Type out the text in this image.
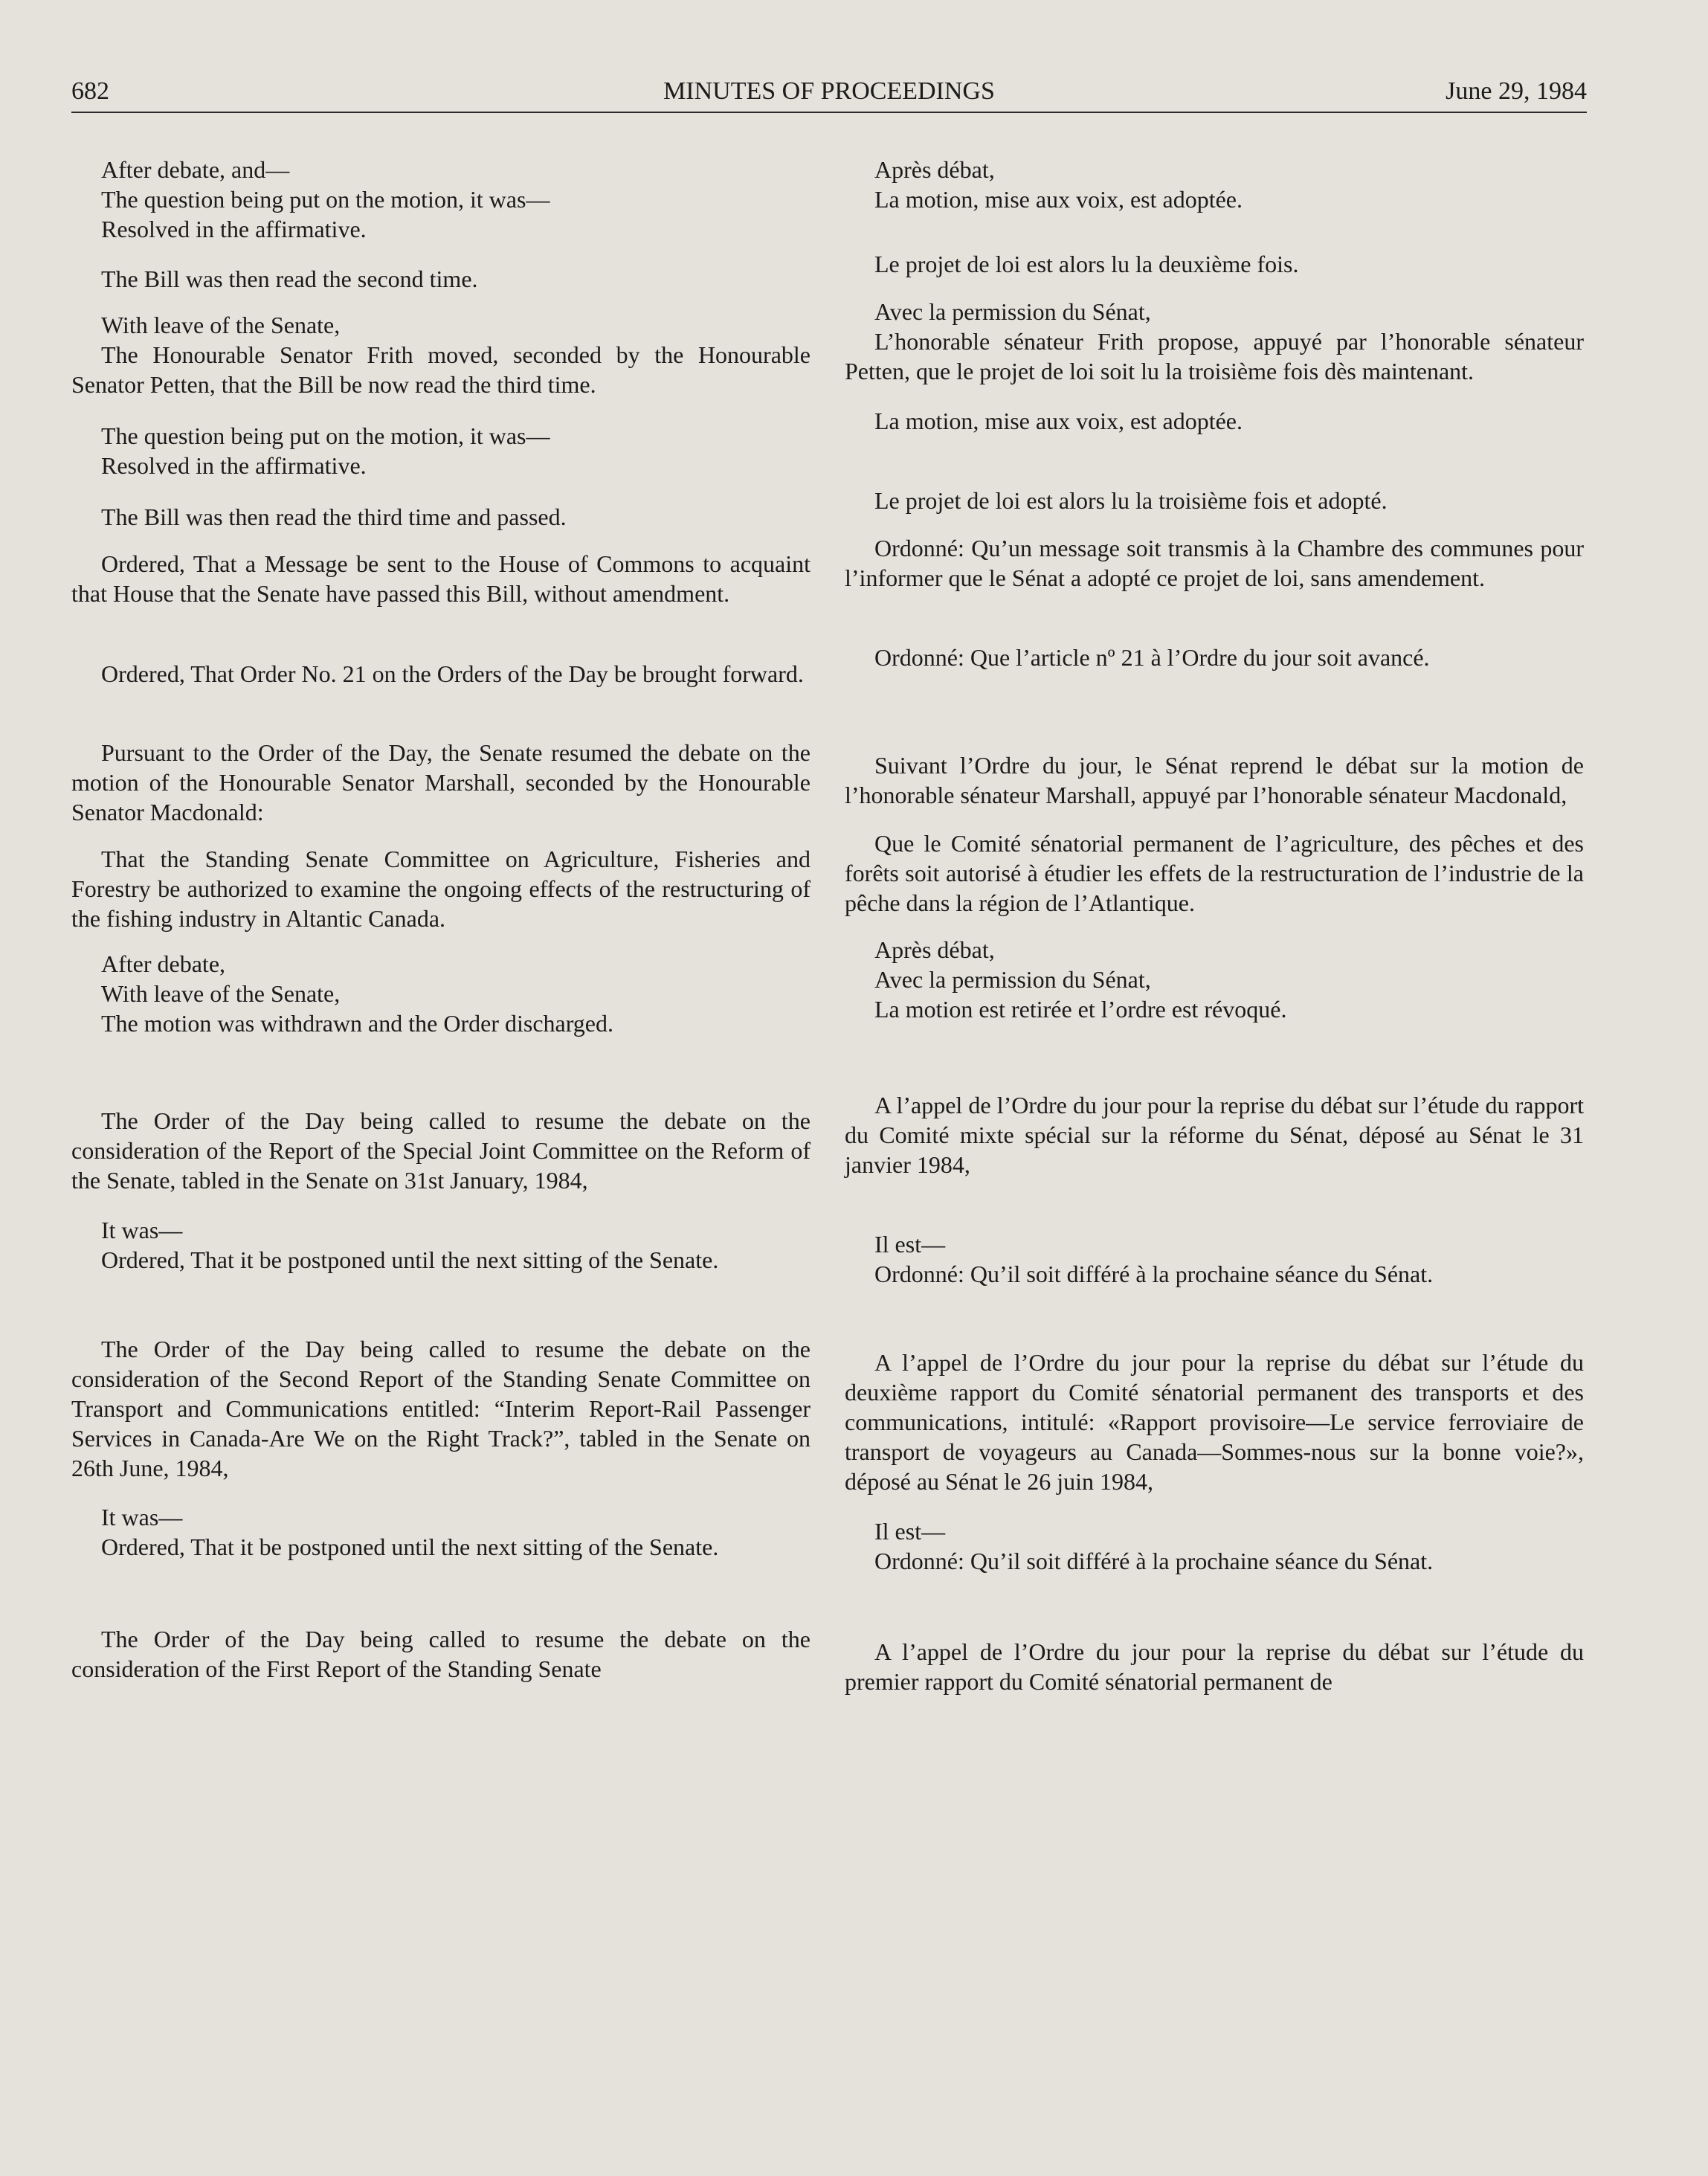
MINUTES OF PROCEEDINGS
682	June 29, 1984

After debate, and—

The question being put on the motion, it was—

Resolved in the affirmative.

The Bill was then read the second time.

With leave of the Senate,

The Honourable Senator Frith moved, seconded by the Honourable Senator Petten, that the Bill be now read the third time.

The question being put on the motion, it was—

Resolved in the affirmative.

The Bill was then read the third time and passed.

Ordered, That a Message be sent to the House of Commons to acquaint that House that the Senate have passed this Bill, without amendment.

Ordered, That Order No. 21 on the Orders of the Day be brought forward.

Pursuant to the Order of the Day, the Senate resumed the debate on the motion of the Honourable Senator Marshall, seconded by the Honourable Senator Macdonald:

That the Standing Senate Committee on Agriculture, Fisheries and Forestry be authorized to examine the ongoing effects of the restructuring of the fishing industry in Altantic Canada.

After debate,

With leave of the Senate,

The motion was withdrawn and the Order discharged.

The Order of the Day being called to resume the debate on the consideration of the Report of the Special Joint Committee on the Reform of the Senate, tabled in the Senate on 31st January, 1984,

It was—

Ordered, That it be postponed until the next sitting of the Senate.

The Order of the Day being called to resume the debate on the consideration of the Second Report of the Standing Senate Committee on Transport and Communications entitled: “Interim Report-Rail Passenger Services in Canada-Are We on the Right Track?”, tabled in the Senate on 26th June, 1984,

It was—

Ordered, That it be postponed until the next sitting of the Senate.

The Order of the Day being called to resume the debate on the consideration of the First Report of the Standing Senate

Après débat,

La motion, mise aux voix, est adoptée.

Le projet de loi est alors lu la deuxième fois.

Avec la permission du Sénat,

L’honorable sénateur Frith propose, appuyé par l’honorable sénateur Petten, que le projet de loi soit lu la troisième fois dès maintenant.

La motion, mise aux voix, est adoptée.

Le projet de loi est alors lu la troisième fois et adopté.

Ordonné: Qu’un message soit transmis à la Chambre des communes pour l’informer que le Sénat a adopté ce projet de loi, sans amendement.

Ordonné: Que l’article nº 21 à l’Ordre du jour soit avancé.

Suivant l’Ordre du jour, le Sénat reprend le débat sur la motion de l’honorable sénateur Marshall, appuyé par l’honorable sénateur Macdonald,

Que le Comité sénatorial permanent de l’agriculture, des pêches et des forêts soit autorisé à étudier les effets de la restructuration de l’industrie de la pêche dans la région de l’Atlantique.

Après débat,

Avec la permission du Sénat,

La motion est retirée et l’ordre est révoqué.

A l’appel de l’Ordre du jour pour la reprise du débat sur l’étude du rapport du Comité mixte spécial sur la réforme du Sénat, déposé au Sénat le 31 janvier 1984,

Il est—

Ordonné: Qu’il soit différé à la prochaine séance du Sénat.

A l’appel de l’Ordre du jour pour la reprise du débat sur l’étude du deuxième rapport du Comité sénatorial permanent des transports et des communications, intitulé: «Rapport provisoire—Le service ferroviaire de transport de voyageurs au Canada—Sommes-nous sur la bonne voie?», déposé au Sénat le 26 juin 1984,

Il est—

Ordonné: Qu’il soit différé à la prochaine séance du Sénat.

A l’appel de l’Ordre du jour pour la reprise du débat sur l’étude du premier rapport du Comité sénatorial permanent de
